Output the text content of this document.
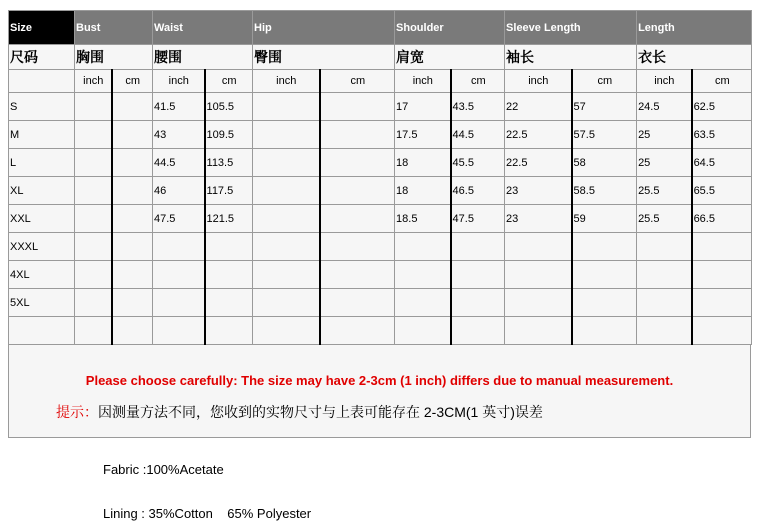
Size	Bust		Waist		Hip		Shoulder		Sleeve Length		Length	
尺码	胸围		腰围		臀围		肩宽		袖长		衣长	
	inch	cm	inch	cm	inch	cm	inch	cm	inch	cm	inch	cm
S			41.5	105.5			17	43.5	22	57	24.5	62.5
M			43	109.5			17.5	44.5	22.5	57.5	25	63.5
L			44.5	113.5			18	45.5	22.5	58	25	64.5
XL			46	117.5			18	46.5	23	58.5	25.5	65.5
XXL			47.5	121.5			18.5	47.5	23	59	25.5	66.5
XXXL												
4XL												
5XL												

Please choose carefully: The size may have 2-3cm (1 inch) differs due to manual measurement.
提示：因测量方法不同，您收到的实物尺寸与上表可能存在 2-3CM(1 英寸)误差
Fabric :100%Acetate
Lining : 35%Cotton    65% Polyester
